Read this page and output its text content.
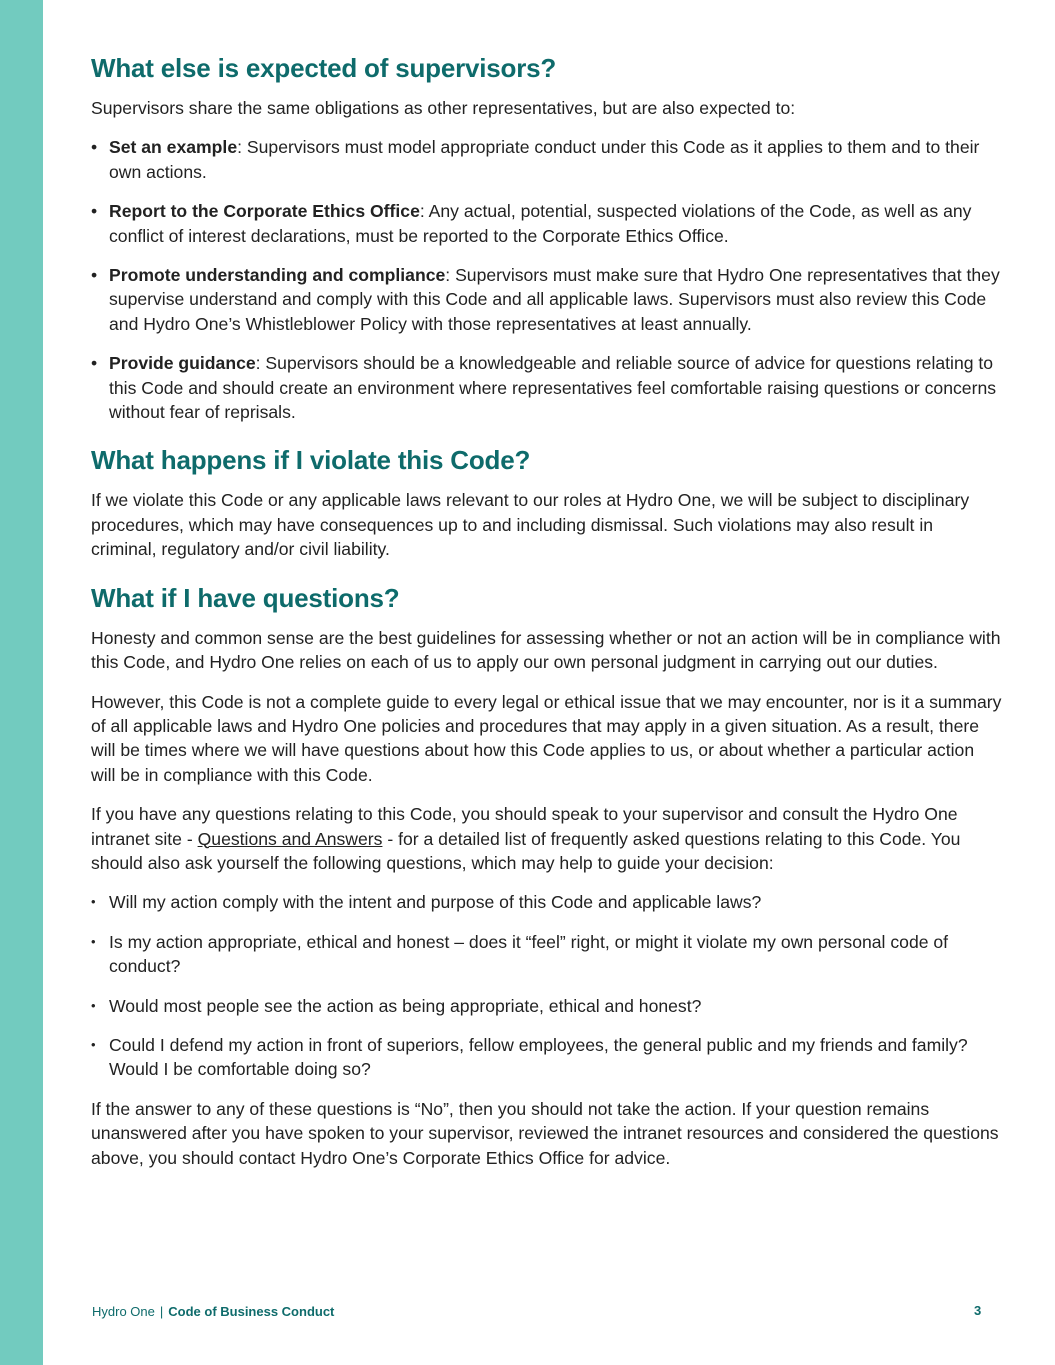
What else is expected of supervisors?

Supervisors share the same obligations as other representatives, but are also expected to:

• Set an example: Supervisors must model appropriate conduct under this Code as it applies to them and to their own actions.
• Report to the Corporate Ethics Office: Any actual, potential, suspected violations of the Code, as well as any conflict of interest declarations, must be reported to the Corporate Ethics Office.
• Promote understanding and compliance: Supervisors must make sure that Hydro One representatives that they supervise understand and comply with this Code and all applicable laws. Supervisors must also review this Code and Hydro One’s Whistleblower Policy with those representatives at least annually.
• Provide guidance: Supervisors should be a knowledgeable and reliable source of advice for questions relating to this Code and should create an environment where representatives feel comfortable raising questions or concerns without fear of reprisals.
What happens if I violate this Code?

If we violate this Code or any applicable laws relevant to our roles at Hydro One, we will be subject to disciplinary procedures, which may have consequences up to and including dismissal. Such violations may also result in criminal, regulatory and/or civil liability.

What if I have questions?

Honesty and common sense are the best guidelines for assessing whether or not an action will be in compliance with this Code, and Hydro One relies on each of us to apply our own personal judgment in carrying out our duties.

However, this Code is not a complete guide to every legal or ethical issue that we may encounter, nor is it a summary of all applicable laws and Hydro One policies and procedures that may apply in a given situation. As a result, there will be times where we will have questions about how this Code applies to us, or about whether a particular action will be in compliance with this Code.

If you have any questions relating to this Code, you should speak to your supervisor and consult the Hydro One intranet site - Questions and Answers - for a detailed list of frequently asked questions relating to this Code. You should also ask yourself the following questions, which may help to guide your decision:

• Will my action comply with the intent and purpose of this Code and applicable laws?
• Is my action appropriate, ethical and honest – does it “feel” right, or might it violate my own personal code of conduct?
• Would most people see the action as being appropriate, ethical and honest?
• Could I defend my action in front of superiors, fellow employees, the general public and my friends and family? Would I be comfortable doing so?

If the answer to any of these questions is “No”, then you should not take the action. If your question remains unanswered after you have spoken to your supervisor, reviewed the intranet resources and considered the questions above, you should contact Hydro One’s Corporate Ethics Office for advice.

Hydro One | Code of Business Conduct	3
